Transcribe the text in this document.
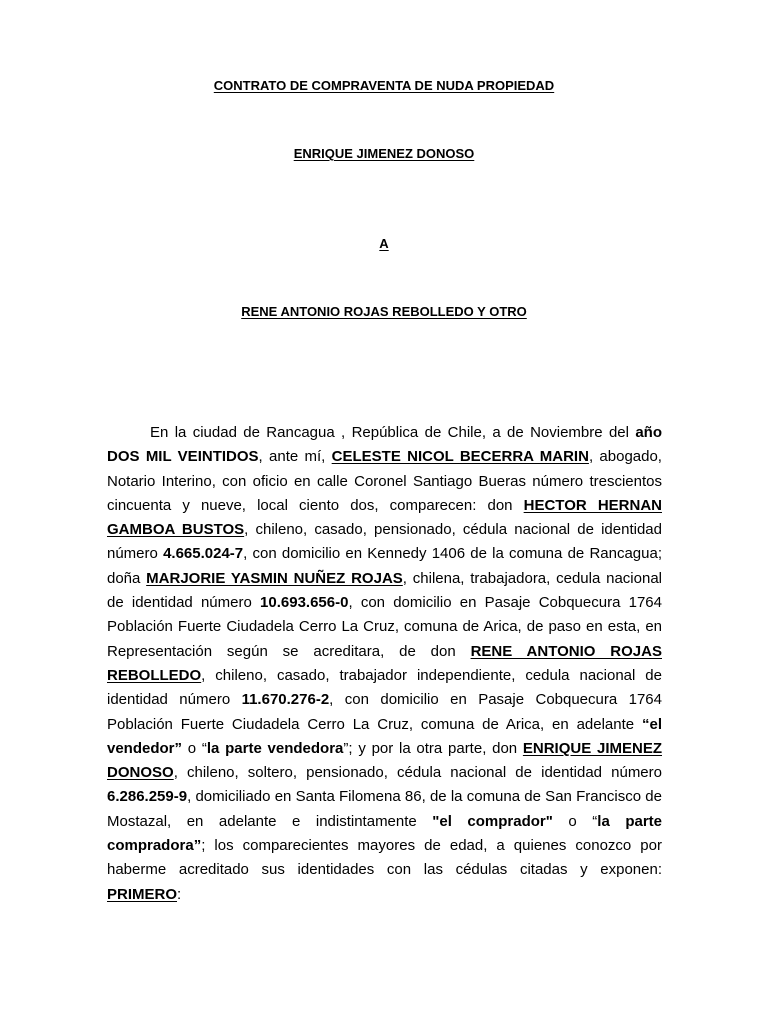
CONTRATO DE COMPRAVENTA DE NUDA PROPIEDAD
ENRIQUE JIMENEZ DONOSO
A
RENE ANTONIO ROJAS REBOLLEDO Y OTRO

En la ciudad de Rancagua , República de Chile, a de Noviembre del año DOS MIL VEINTIDOS, ante mí, CELESTE NICOL BECERRA MARIN, abogado, Notario Interino, con oficio en calle Coronel Santiago Bueras número trescientos cincuenta y nueve, local ciento dos, comparecen: don HECTOR HERNAN GAMBOA BUSTOS, chileno, casado, pensionado, cédula nacional de identidad número 4.665.024-7, con domicilio en Kennedy 1406 de la comuna de Rancagua; doña MARJORIE YASMIN NUÑEZ ROJAS, chilena, trabajadora, cedula nacional de identidad número 10.693.656-0, con domicilio en Pasaje Cobquecura 1764 Población Fuerte Ciudadela Cerro La Cruz, comuna de Arica, de paso en esta, en Representación según se acreditara, de don RENE ANTONIO ROJAS REBOLLEDO, chileno, casado, trabajador independiente, cedula nacional de identidad número 11.670.276-2, con domicilio en Pasaje Cobquecura 1764 Población Fuerte Ciudadela Cerro La Cruz, comuna de Arica, en adelante “el vendedor” o “la parte vendedora”; y por la otra parte, don ENRIQUE JIMENEZ DONOSO, chileno, soltero, pensionado, cédula nacional de identidad número 6.286.259-9, domiciliado en Santa Filomena 86, de la comuna de San Francisco de Mostazal, en adelante e indistintamente "el comprador" o “la parte compradora”; los comparecientes mayores de edad, a quienes conozco por haberme acreditado sus identidades con las cédulas citadas y exponen: PRIMERO:
